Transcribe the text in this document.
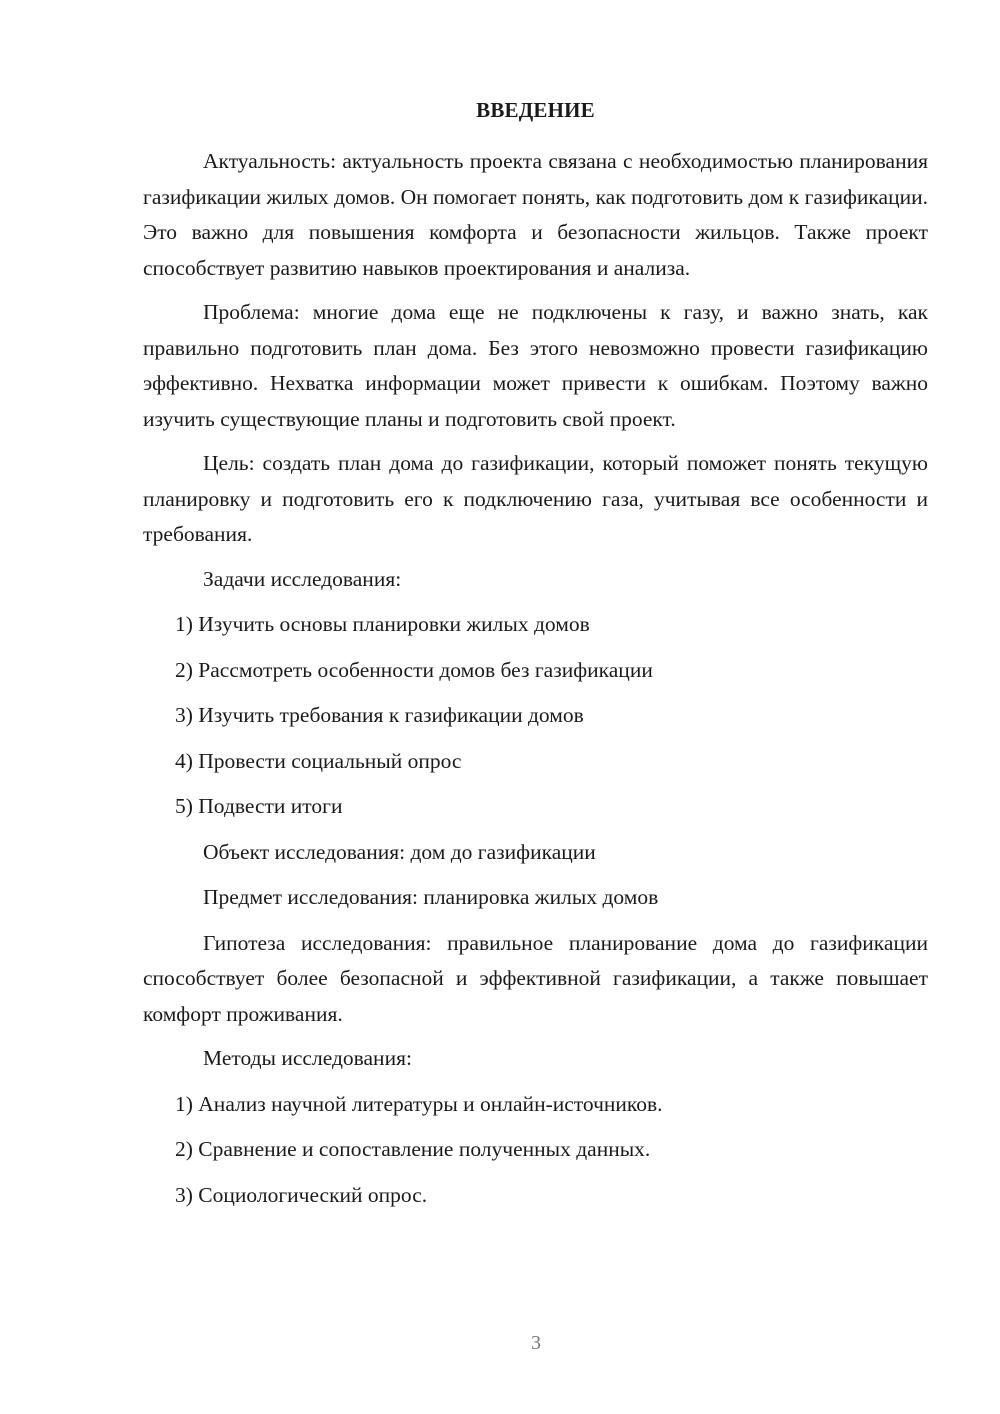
ВВЕДЕНИЕ

Актуальность: актуальность проекта связана с необходимостью планирования газификации жилых домов. Он помогает понять, как подготовить дом к газификации. Это важно для повышения комфорта и безопасности жильцов. Также проект способствует развитию навыков проектирования и анализа.

Проблема: многие дома еще не подключены к газу, и важно знать, как правильно подготовить план дома. Без этого невозможно провести газификацию эффективно. Нехватка информации может привести к ошибкам. Поэтому важно изучить существующие планы и подготовить свой проект.

Цель: создать план дома до газификации, который поможет понять текущую планировку и подготовить его к подключению газа, учитывая все особенности и требования.

Задачи исследования:
1) Изучить основы планировки жилых домов
2) Рассмотреть особенности домов без газификации
3) Изучить требования к газификации домов
4) Провести социальный опрос
5) Подвести итоги
Объект исследования: дом до газификации
Предмет исследования: планировка жилых домов

Гипотеза исследования: правильное планирование дома до газификации способствует более безопасной и эффективной газификации, а также повышает комфорт проживания.

Методы исследования:
1) Анализ научной литературы и онлайн-источников.
2) Сравнение и сопоставление полученных данных.
3) Социологический опрос.
3
